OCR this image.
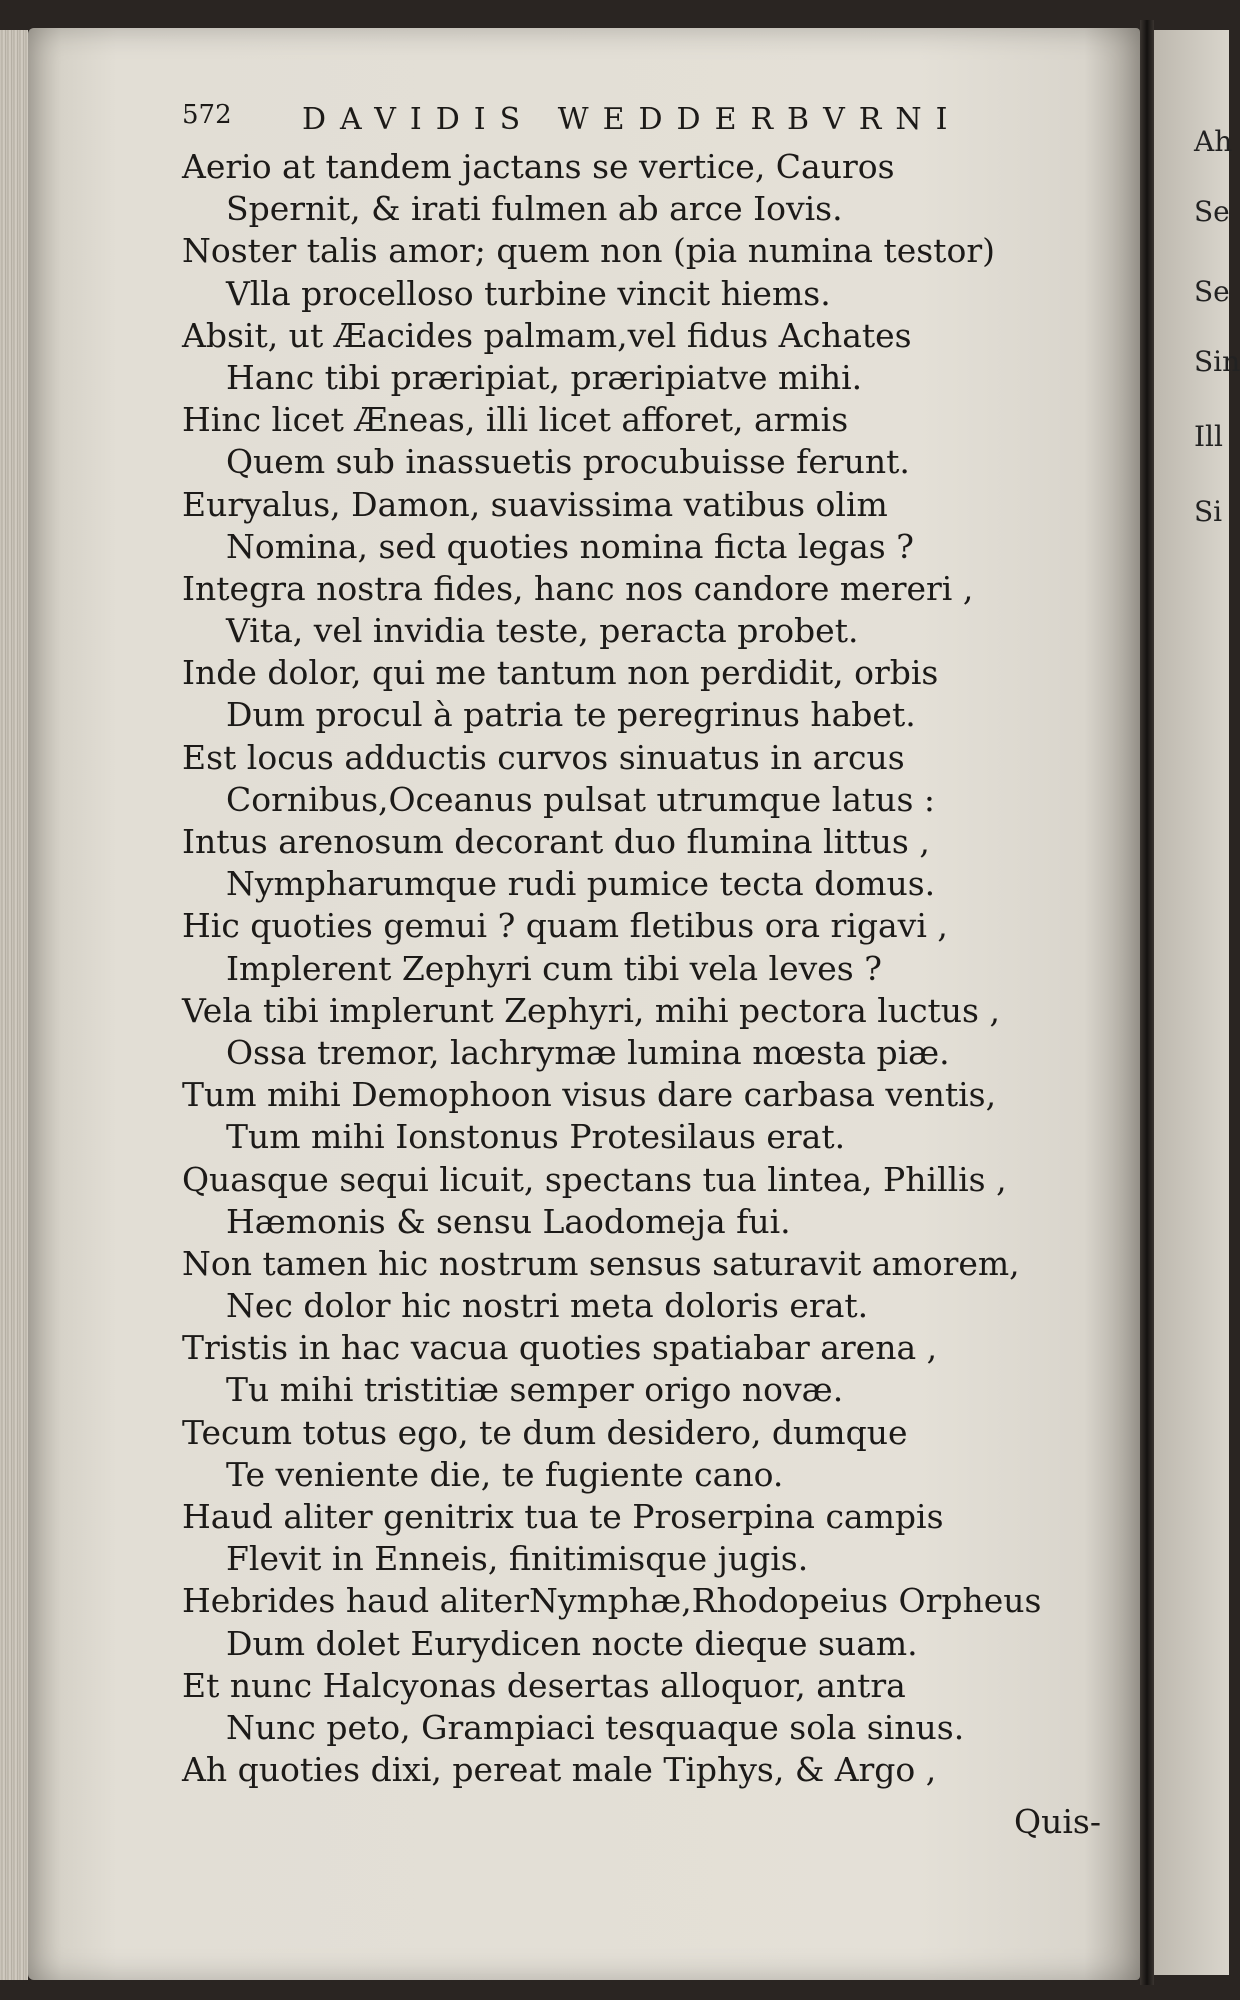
Ah
Se
Se
Sin
Ill
Si
572 DAVIDIS WEDDERBVRNI
Aerio at tandem jactans se vertice, Cauros
Spernit, & irati fulmen ab arce Iovis.
Noster talis amor; quem non (pia numina testor)
Vlla procelloso turbine vincit hiems.
Absit, ut Æacides palmam,vel fidus Achates
Hanc tibi præripiat, præripiatve mihi.
Hinc licet Æneas, illi licet afforet, armis
Quem sub inassuetis procubuisse ferunt.
Euryalus, Damon, suavissima vatibus olim
Nomina, sed quoties nomina ficta legas ?
Integra nostra fides, hanc nos candore mereri ,
Vita, vel invidia teste, peracta probet.
Inde dolor, qui me tantum non perdidit, orbis
Dum procul à patria te peregrinus habet.
Est locus adductis curvos sinuatus in arcus
Cornibus,Oceanus pulsat utrumque latus :
Intus arenosum decorant duo flumina littus ,
Nympharumque rudi pumice tecta domus.
Hic quoties gemui ? quam fletibus ora rigavi ,
Implerent Zephyri cum tibi vela leves ?
Vela tibi implerunt Zephyri, mihi pectora luctus ,
Ossa tremor, lachrymæ lumina mœsta piæ.
Tum mihi Demophoon visus dare carbasa ventis,
Tum mihi Ionstonus Protesilaus erat.
Quasque sequi licuit, spectans tua lintea, Phillis ,
Hæmonis & sensu Laodomeja fui.
Non tamen hic nostrum sensus saturavit amorem,
Nec dolor hic nostri meta doloris erat.
Tristis in hac vacua quoties spatiabar arena ,
Tu mihi tristitiæ semper origo novæ.
Tecum totus ego, te dum desidero, dumque
Te veniente die, te fugiente cano.
Haud aliter genitrix tua te Proserpina campis
Flevit in Enneis, finitimisque jugis.
Hebrides haud aliterNymphæ,Rhodopeius Orpheus
Dum dolet Eurydicen nocte dieque suam.
Et nunc Halcyonas desertas alloquor, antra
Nunc peto, Grampiaci tesquaque sola sinus.
Ah quoties dixi, pereat male Tiphys, & Argo ,
Quis-
